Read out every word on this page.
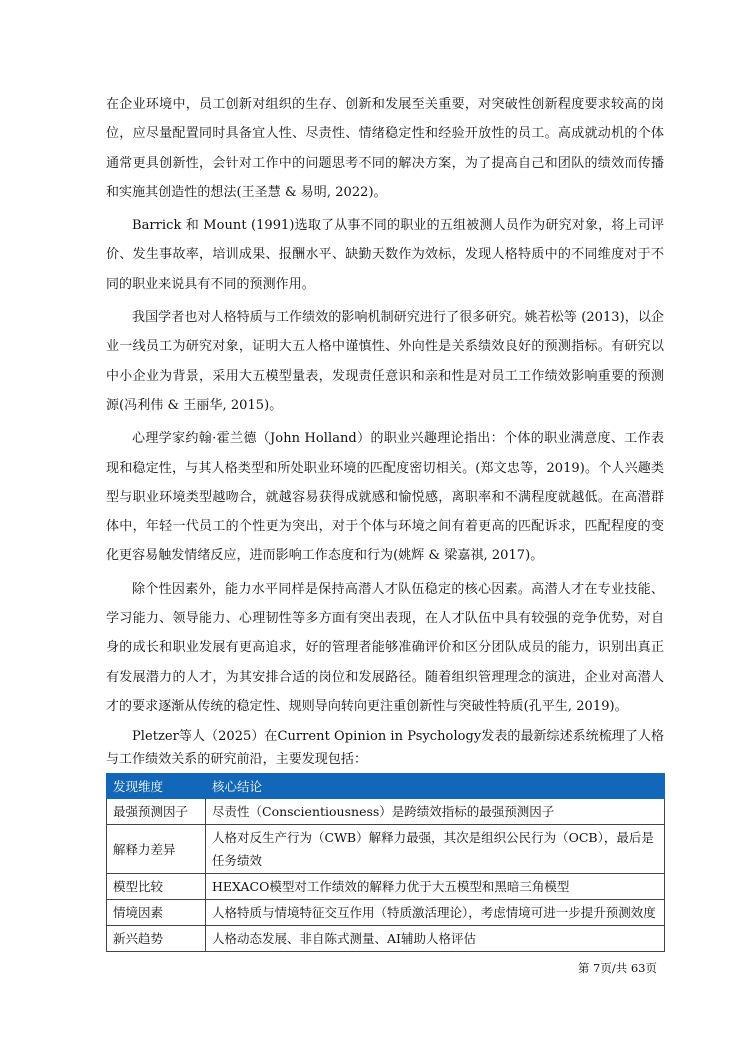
在企业环境中，员工创新对组织的生存、创新和发展至关重要，对突破性创新程度要求较高的岗位，应尽量配置同时具备宜人性、尽责性、情绪稳定性和经验开放性的员工。高成就动机的个体通常更具创新性，会针对工作中的问题思考不同的解决方案，为了提高自己和团队的绩效而传播和实施其创造性的想法(王圣慧 & 易明, 2022)。

Barrick 和 Mount (1991)选取了从事不同的职业的五组被测人员作为研究对象，将上司评价、发生事故率，培训成果、报酬水平、缺勤天数作为效标，发现人格特质中的不同维度对于不同的职业来说具有不同的预测作用。

我国学者也对人格特质与工作绩效的影响机制研究进行了很多研究。姚若松等 (2013)，以企业一线员工为研究对象，证明大五人格中谨慎性、外向性是关系绩效良好的预测指标。有研究以中小企业为背景，采用大五模型量表，发现责任意识和亲和性是对员工工作绩效影响重要的预测源(冯利伟 & 王丽华, 2015)。

心理学家约翰·霍兰德（John Holland）的职业兴趣理论指出：个体的职业满意度、工作表现和稳定性，与其人格类型和所处职业环境的匹配度密切相关。(郑文忠等，2019)。个人兴趣类型与职业环境类型越吻合，就越容易获得成就感和愉悦感，离职率和不满程度就越低。在高潜群体中，年轻一代员工的个性更为突出，对于个体与环境之间有着更高的匹配诉求，匹配程度的变化更容易触发情绪反应，进而影响工作态度和行为(姚辉 & 梁嘉祺, 2017)。

除个性因素外，能力水平同样是保持高潜人才队伍稳定的核心因素。高潜人才在专业技能、学习能力、领导能力、心理韧性等多方面有突出表现，在人才队伍中具有较强的竞争优势，对自身的成长和职业发展有更高追求，好的管理者能够准确评价和区分团队成员的能力，识别出真正有发展潜力的人才，为其安排合适的岗位和发展路径。随着组织管理理念的演进，企业对高潜人才的要求逐渐从传统的稳定性、规则导向转向更注重创新性与突破性特质(孔平生, 2019)。

Pletzer等人（2025）在Current Opinion in Psychology发表的最新综述系统梳理了人格与工作绩效关系的研究前沿，主要发现包括：

发现维度	核心结论
最强预测因子	尽责性（Conscientiousness）是跨绩效指标的最强预测因子
解释力差异	人格对反生产行为（CWB）解释力最强，其次是组织公民行为（OCB），最后是任务绩效
模型比较	HEXACO模型对工作绩效的解释力优于大五模型和黑暗三角模型
情境因素	人格特质与情境特征交互作用（特质激活理论），考虑情境可进一步提升预测效度
新兴趋势	人格动态发展、非自陈式测量、AI辅助人格评估
第 7页/共 63页
